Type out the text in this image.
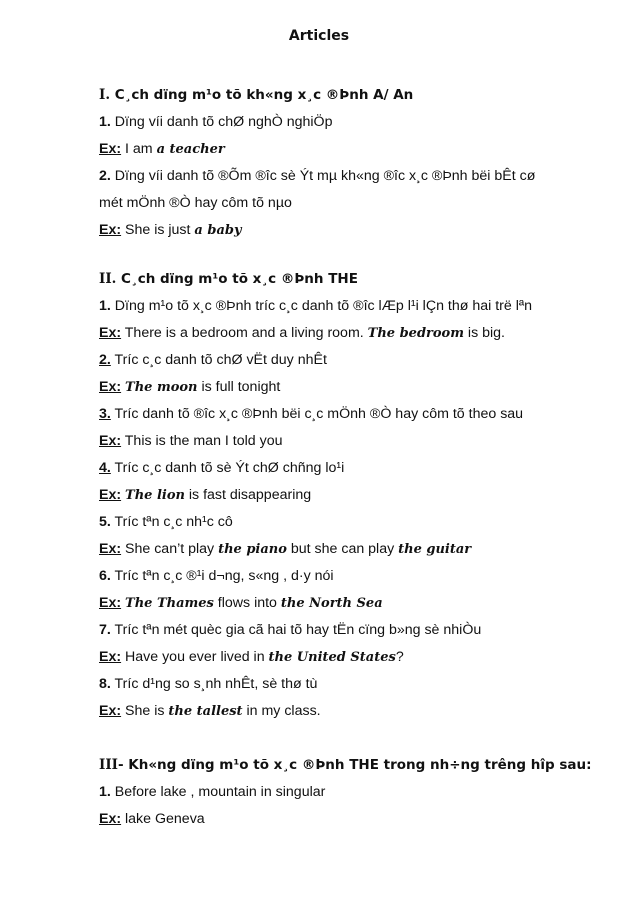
Articles
I. C¸ch dïng m¹o tõ kh«ng x¸c ®Þnh A/ An
1. Dïng víi danh tõ chØ nghÒ nghiÖp
Ex: I am a teacher
2. Dïng víi danh tõ ®Õm ®îc sè Ýt mµ kh«ng ®îc x¸c ®Þnh bëi bÊt cø
mét mÖnh ®Ò hay côm tõ nµo
Ex: She is just a baby
II. C¸ch dïng m¹o tõ x¸c ®Þnh THE
1. Dïng m¹o tõ x¸c ®Þnh tríc c¸c danh tõ ®îc lÆp l¹i lÇn thø hai trë lªn
Ex: There is a bedroom and a living room. The bedroom is big.
2. Tríc c¸c danh tõ chØ vËt duy nhÊt
Ex: The moon is full tonight
3. Tríc danh tõ ®îc x¸c ®Þnh bëi c¸c mÖnh ®Ò hay côm tõ theo sau
Ex: This is the man I told you
4. Tríc c¸c danh tõ sè Ýt chØ chñng lo¹i
Ex: The lion is fast disappearing
5. Tríc tªn c¸c nh¹c cô
Ex: She can’t play the piano but she can play the guitar
6. Tríc tªn c¸c ®¹i d¬ng, s«ng , d·y nói
Ex: The Thames flows into the North Sea
7. Tríc tªn mét quèc gia cã hai tõ hay tËn cïng b»ng sè nhiÒu
Ex: Have you ever lived in the United States?
8. Tríc d¹ng so s¸nh nhÊt, sè thø tù
Ex: She is the tallest in my class.
III- Kh«ng dïng m¹o tõ x¸c ®Þnh THE trong nh÷ng trêng hîp sau:
1. Before lake , mountain in singular
Ex: lake Geneva
